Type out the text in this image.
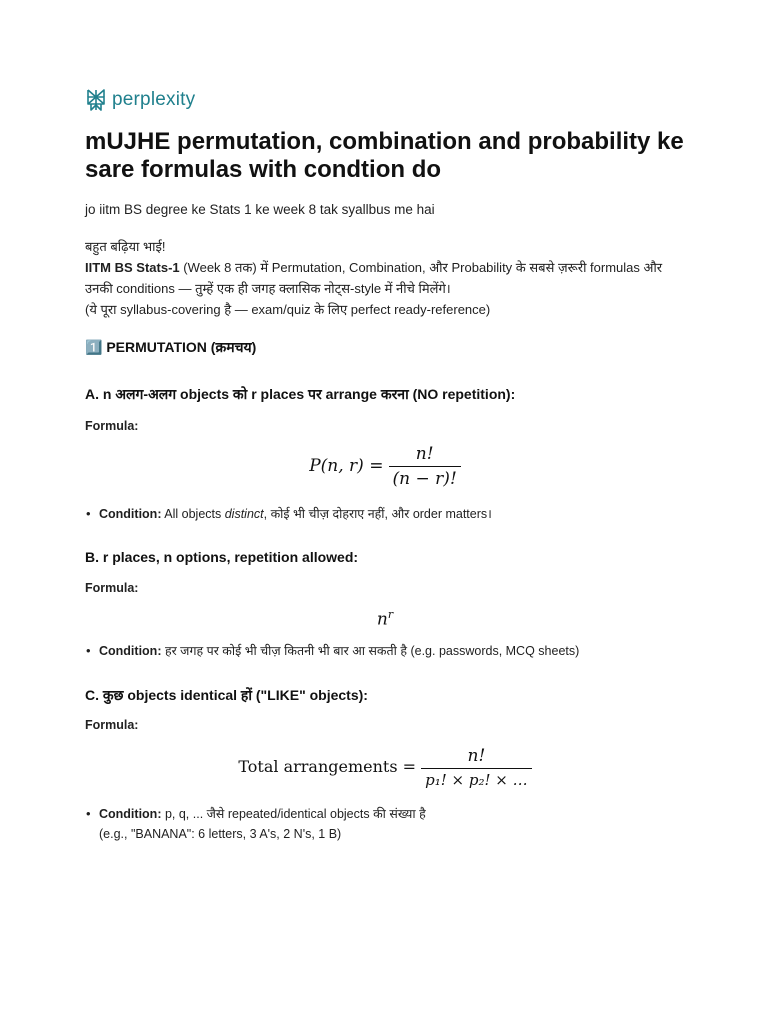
perplexity
mUJHE permutation, combination and probability ke sare formulas with condtion do
jo iitm BS degree ke Stats 1 ke week 8 tak syallbus me hai

बहुत बढ़िया भाई!

IITM BS Stats-1 (Week 8 तक) में Permutation, Combination, और Probability के सबसे ज़रूरी formulas और

उनकी conditions — तुम्हें एक ही जगह क्लासिक नोट्स-style में नीचे मिलेंगे।

(ये पूरा syllabus-covering है — exam/quiz के लिए perfect ready-reference)

1️⃣ PERMUTATION (क्रमचय)
A. n अलग-अलग objects को r places पर arrange करना (NO repetition):
Formula:
P(n, $r) = \frac{n!}{(n - r)!}$
• Condition: All objects distinct, कोई भी चीज़ दोहराए नहीं, और order matters।
B. r places, n options, repetition allowed:
Formula:
$n^r$
• Condition: हर जगह पर कोई भी चीज़ कितनी भी बार आ सकती है (e.g. passwords, MCQ sheets)
C. कुछ objects identical हों ("LIKE" objects):
Formula:
Total arrangements = $\frac{n!}{\text{p₁! × p₂! × …}}$
• Condition: p, q, ... जैसे repeated/identical objects की संख्या है
(e.g., "BANANA": 6 letters, 3 A's, 2 N's, 1 B)
